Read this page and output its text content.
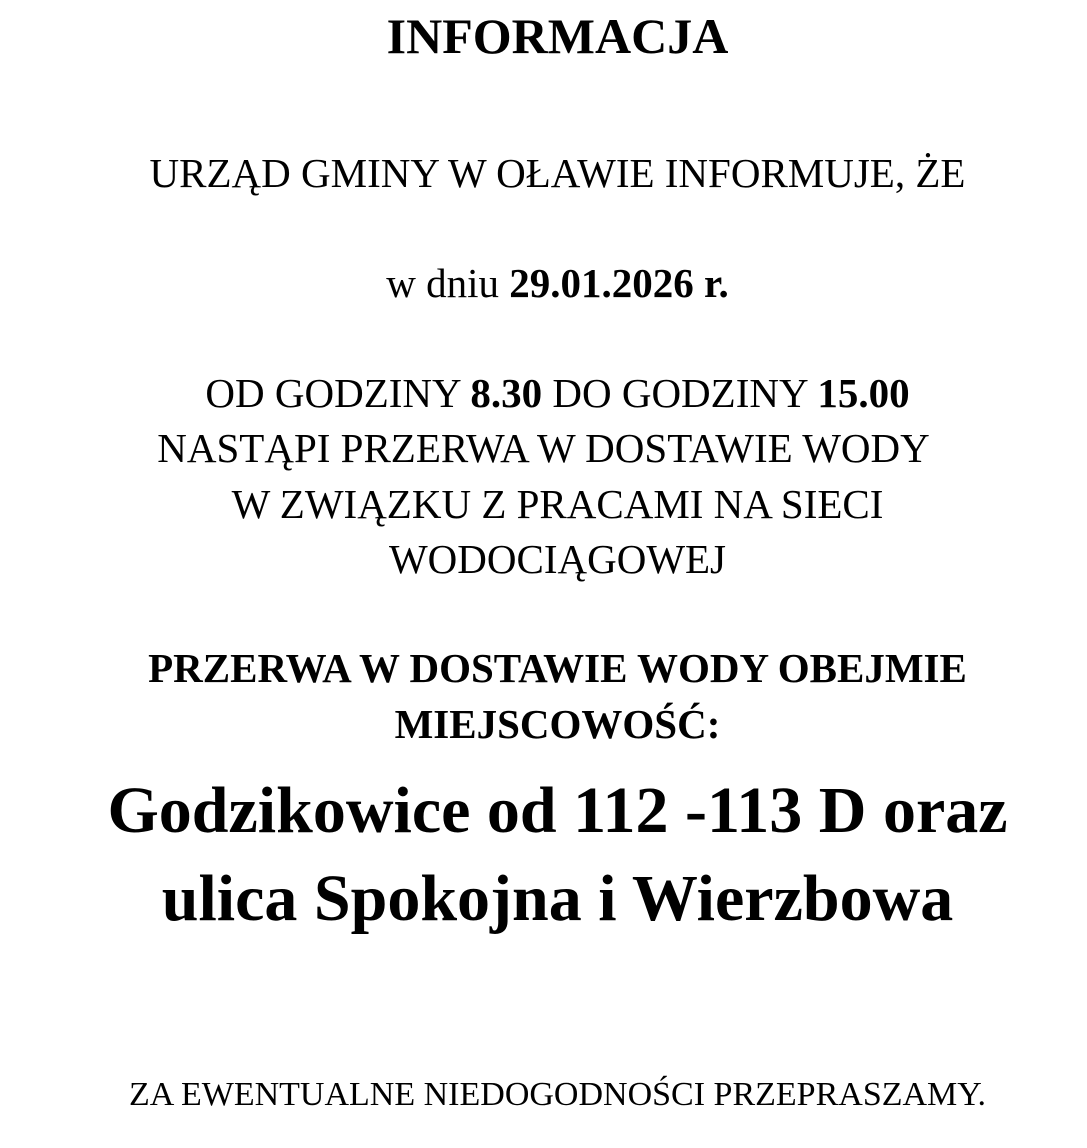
INFORMACJA
URZĄD GMINY W OŁAWIE INFORMUJE, ŻE
w dniu 29.01.2026 r.
OD GODZINY 8.30 DO GODZINY 15.00
NASTĄPI PRZERWA W DOSTAWIE WODY
W ZWIĄZKU Z PRACAMI NA SIECI
WODOCIĄGOWEJ
PRZERWA W DOSTAWIE WODY OBEJMIE
MIEJSCOWOŚĆ:
Godzikowice od 112 -113 D oraz
ulica Spokojna i Wierzbowa
ZA EWENTUALNE NIEDOGODNOŚCI PRZEPRASZAMY.
